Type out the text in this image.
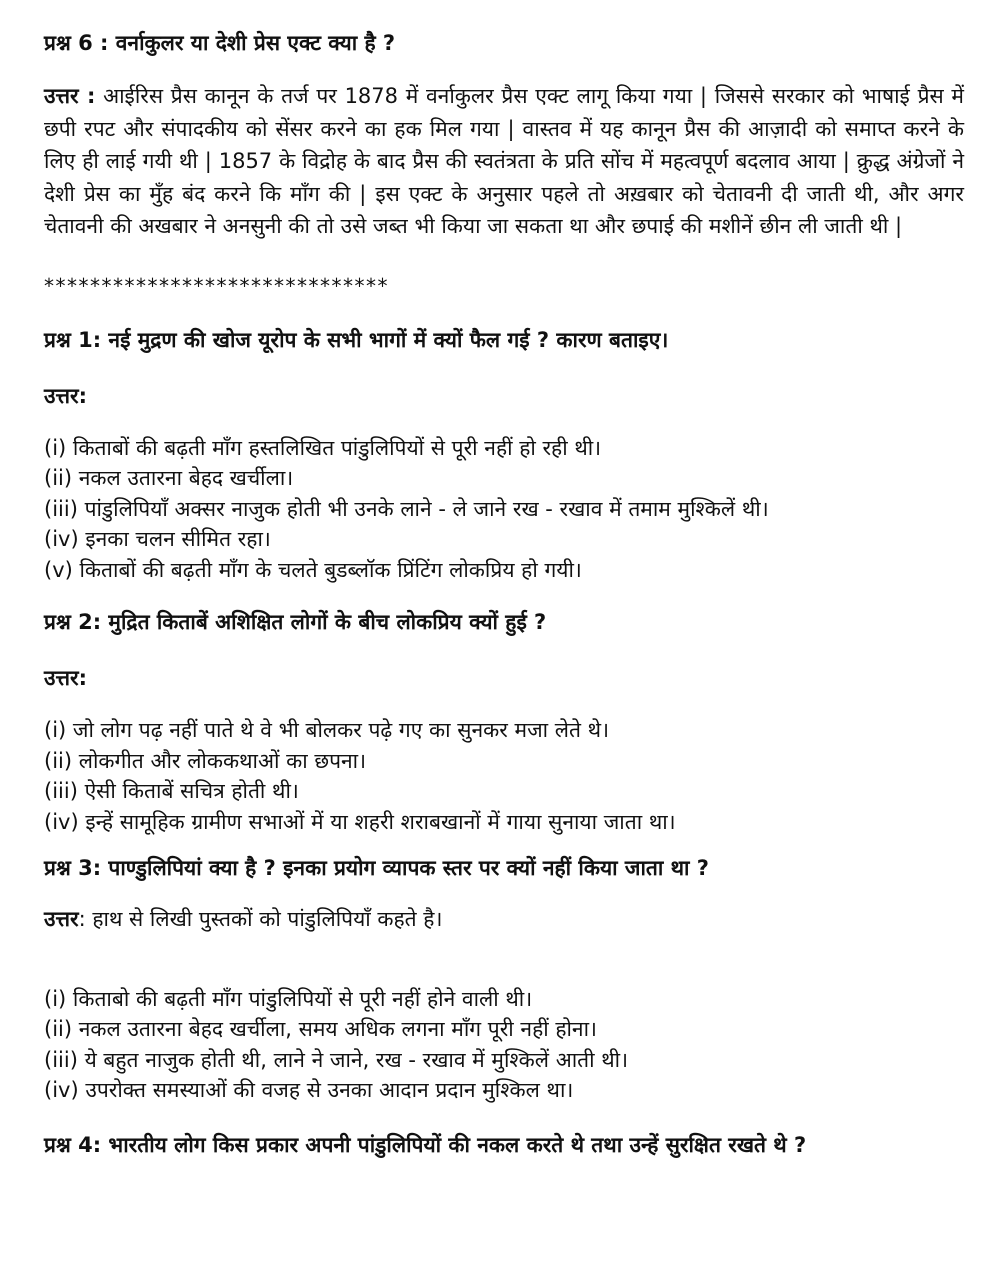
प्रश्न 6 : वर्नाकुलर या देशी प्रेस एक्ट क्या है ?

उत्तर : आईरिस प्रैस कानून के तर्ज पर 1878 में वर्नाकुलर प्रैस एक्ट लागू किया गया | जिससे सरकार को भाषाई प्रैस में छपी रपट और संपादकीय को सेंसर करने का हक मिल गया | वास्तव में यह कानून प्रैस की आज़ादी को समाप्त करने के लिए ही लाई गयी थी | 1857 के विद्रोह के बाद प्रैस की स्वतंत्रता के प्रति सोंच में महत्वपूर्ण बदलाव आया | क्रुद्ध अंग्रेजों ने देशी प्रेस का मुँह बंद करने कि माँग की | इस एक्ट के अनुसार पहले तो अख़बार को चेतावनी दी जाती थी, और अगर चेतावनी की अखबार ने अनसुनी की तो उसे जब्त भी किया जा सकता था और छपाई की मशीनें छीन ली जाती थी |

******************************

प्रश्न 1: नई मुद्रण की खोज यूरोप के सभी भागों में क्यों फैल गई ? कारण बताइए।

उत्तर:

(i) किताबों की बढ़ती माँग हस्तलिखित पांडुलिपियों से पूरी नहीं हो रही थी।
(ii) नकल उतारना बेहद खर्चीला।
(iii) पांडुलिपियाँ अक्सर नाजुक होती भी उनके लाने - ले जाने रख - रखाव में तमाम मुश्किलें थी।
(iv) इनका चलन सीमित रहा।
(v) किताबों की बढ़ती माँग के चलते बुडब्लॉक प्रिंटिंग लोकप्रिय हो गयी।

प्रश्न 2: मुद्रित किताबें अशिक्षित लोगों के बीच लोकप्रिय क्यों हुई ?

उत्तर:

(i) जो लोग पढ़ नहीं पाते थे वे भी बोलकर पढ़े गए का सुनकर मजा लेते थे।
(ii) लोकगीत और लोककथाओं का छपना।
(iii) ऐसी किताबें सचित्र होती थी।
(iv) इन्हें सामूहिक ग्रामीण सभाओं में या शहरी शराबखानों में गाया सुनाया जाता था।

प्रश्न 3: पाण्डुलिपियां क्या है ? इनका प्रयोग व्यापक स्तर पर क्यों नहीं किया जाता था ?

उत्तर: हाथ से लिखी पुस्तकों को पांडुलिपियाँ कहते है।

(i) किताबो की बढ़ती माँग पांडुलिपियों से पूरी नहीं होने वाली थी।
(ii) नकल उतारना बेहद खर्चीला, समय अधिक लगना माँग पूरी नहीं होना।
(iii) ये बहुत नाजुक होती थी, लाने ने जाने, रख - रखाव में मुश्किलें आती थी।
(iv) उपरोक्त समस्याओं की वजह से उनका आदान प्रदान मुश्किल था।

प्रश्न 4: भारतीय लोग किस प्रकार अपनी पांडुलिपियों की नकल करते थे तथा उन्हें सुरक्षित रखते थे ?
